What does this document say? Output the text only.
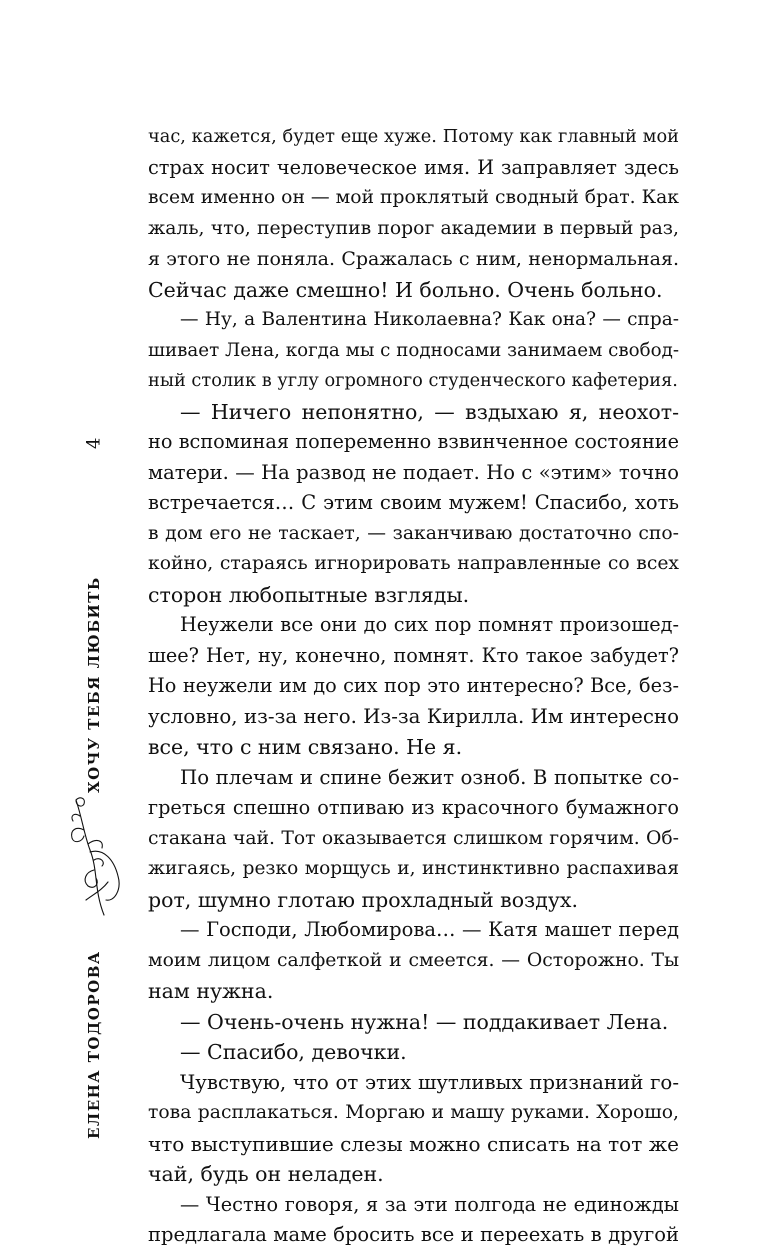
4
ХОЧУ ТЕБЯ ЛЮБИТЬ
ЕЛЕНА ТОДОРОВА
час, кажется, будет еще хуже. Потому как главный мой
страх носит человеческое имя. И заправляет здесь
всем именно он — мой проклятый сводный брат. Как
жаль, что, переступив порог академии в первый раз,
я этого не поняла. Сражалась с ним, ненормальная.
Сейчас даже смешно! И больно. Очень больно.
— Ну, а Валентина Николаевна? Как она? — спра-
шивает Лена, когда мы с подносами занимаем свобод-
ный столик в углу огромного студенческого кафетерия.
— Ничего непонятно, — вздыхаю я, неохот-
но вспоминая попеременно взвинченное состояние
матери. — На развод не подает. Но с «этим» точно
встречается… С этим своим мужем! Спасибо, хоть
в дом его не таскает, — заканчиваю достаточно спо-
койно, стараясь игнорировать направленные со всех
сторон любопытные взгляды.
Неужели все они до сих пор помнят произошед-
шее? Нет, ну, конечно, помнят. Кто такое забудет?
Но неужели им до сих пор это интересно? Все, без-
условно, из-за него. Из-за Кирилла. Им интересно
все, что с ним связано. Не я.
По плечам и спине бежит озноб. В попытке со-
греться спешно отпиваю из красочного бумажного
стакана чай. Тот оказывается слишком горячим. Об-
жигаясь, резко морщусь и, инстинктивно распахивая
рот, шумно глотаю прохладный воздух.
— Господи, Любомирова… — Катя машет перед
моим лицом салфеткой и смеется. — Осторожно. Ты
нам нужна.
— Очень-очень нужна! — поддакивает Лена.
— Спасибо, девочки.
Чувствую, что от этих шутливых признаний го-
това расплакаться. Моргаю и машу руками. Хорошо,
что выступившие слезы можно списать на тот же
чай, будь он неладен.
— Честно говоря, я за эти полгода не единожды
предлагала маме бросить все и переехать в другой
